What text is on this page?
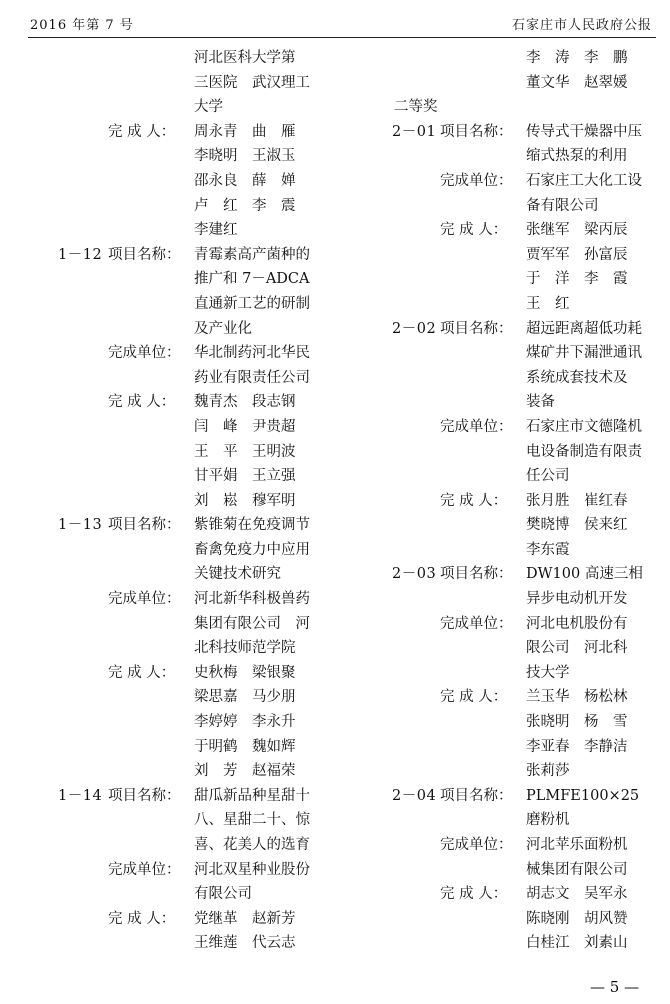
2016 年第 7 号	石家庄市人民政府公报
河北医科大学第
三医院　武汉理工
大学
完 成 人： 周永青　曲　雁
李晓明　王淑玉
邵永良　薛　婵
卢　红　李　震
李建红
1－12 项目名称： 青霉素高产菌种的
推广和 7－ADCA
直通新工艺的研制
及产业化
完成单位： 华北制药河北华民
药业有限责任公司
完 成 人： 魏青杰　段志钢
闫　峰　尹贵超
王　平　王明波
甘平娟　王立强
刘　崧　穆军明
1－13 项目名称： 紫锥菊在免疫调节
畜禽免疫力中应用
关键技术研究
完成单位： 河北新华科极兽药
集团有限公司　河
北科技师范学院
完 成 人： 史秋梅　梁银聚
梁思嘉　马少朋
李婷婷　李永升
于明鹤　魏如辉
刘　芳　赵福荣
1－14 项目名称： 甜瓜新品种星甜十
八、星甜二十、惊
喜、花美人的选育
完成单位： 河北双星种业股份
有限公司
完 成 人： 党继革　赵新芳
王维莲　代云志
李　涛　李　鹏
董文华　赵翠媛
二等奖
2－01 项目名称： 传导式干燥器中压
缩式热泵的利用
完成单位： 石家庄工大化工设
备有限公司
完 成 人： 张继军　梁丙辰
贾军军　孙富辰
于　洋　李　霞
王　红
2－02 项目名称： 超远距离超低功耗
煤矿井下漏泄通讯
系统成套技术及
装备
完成单位： 石家庄市文德隆机
电设备制造有限责
任公司
完 成 人： 张月胜　崔红春
樊晓博　侯来红
李东霞
2－03 项目名称： DW100 高速三相
异步电动机开发
完成单位： 河北电机股份有
限公司　河北科
技大学
完 成 人： 兰玉华　杨松林
张晓明　杨　雪
李亚春　李静洁
张莉莎
2－04 项目名称： PLMFE100×25
磨粉机
完成单位： 河北苹乐面粉机
械集团有限公司
完 成 人： 胡志文　吴军永
陈晓刚　胡风赞
白桂江　刘素山
— 5 —
